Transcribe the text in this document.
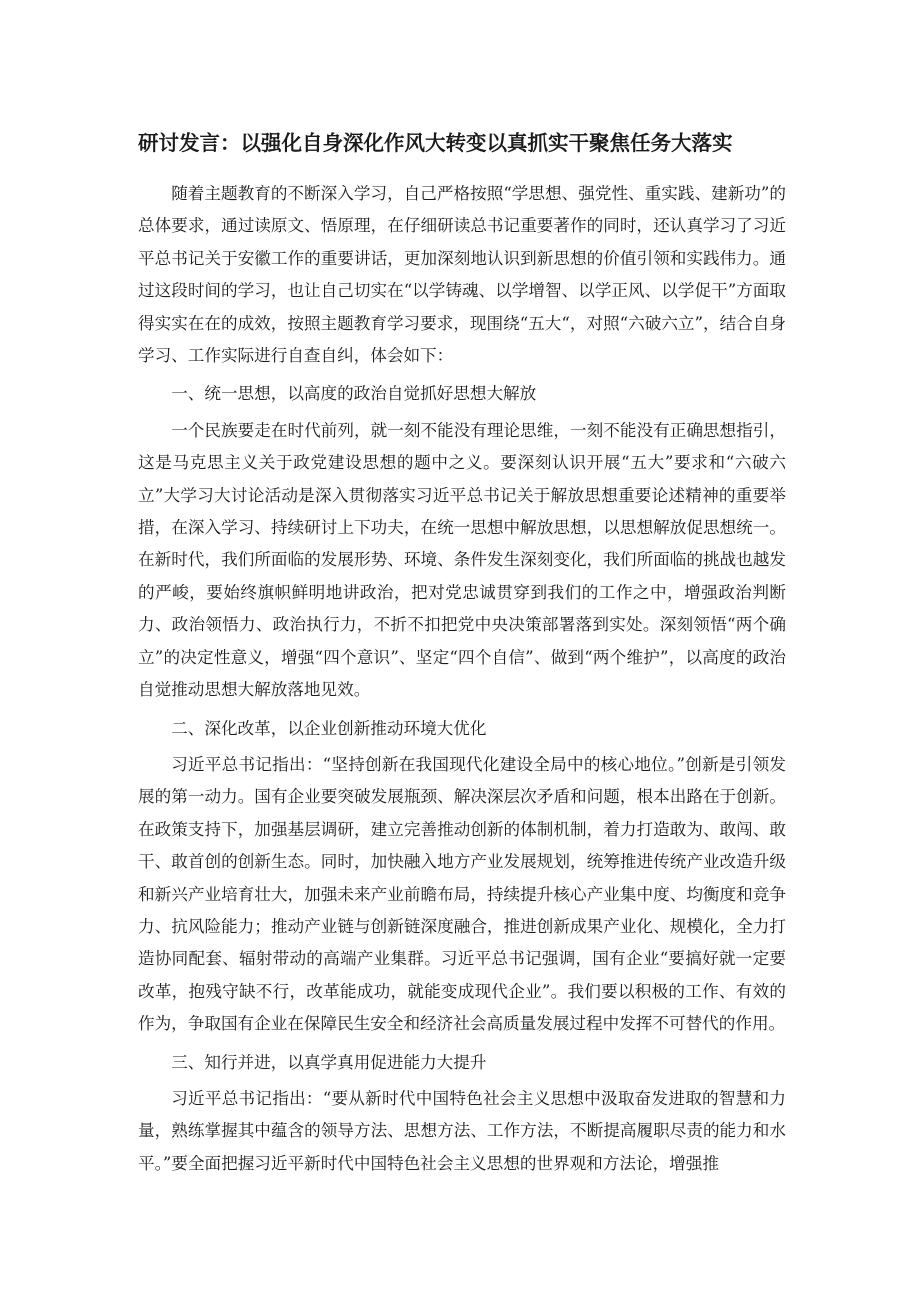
研讨发言：以强化自身深化作风大转变以真抓实干聚焦任务大落实

随着主题教育的不断深入学习，自己严格按照“学思想、强党性、重实践、建新功”的总体要求，通过读原文、悟原理，在仔细研读总书记重要著作的同时，还认真学习了习近平总书记关于安徽工作的重要讲话，更加深刻地认识到新思想的价值引领和实践伟力。通过这段时间的学习，也让自己切实在“以学铸魂、以学增智、以学正风、以学促干”方面取得实实在在的成效，按照主题教育学习要求，现围绕“五大“，对照“六破六立”，结合自身学习、工作实际进行自查自纠，体会如下：

一、统一思想，以高度的政治自觉抓好思想大解放

一个民族要走在时代前列，就一刻不能没有理论思维，一刻不能没有正确思想指引，这是马克思主义关于政党建设思想的题中之义。要深刻认识开展“五大”要求和“六破六立”大学习大讨论活动是深入贯彻落实习近平总书记关于解放思想重要论述精神的重要举措，在深入学习、持续研讨上下功夫，在统一思想中解放思想，以思想解放促思想统一。在新时代，我们所面临的发展形势、环境、条件发生深刻变化，我们所面临的挑战也越发的严峻，要始终旗帜鲜明地讲政治，把对党忠诚贯穿到我们的工作之中，增强政治判断力、政治领悟力、政治执行力，不折不扣把党中央决策部署落到实处。深刻领悟“两个确立”的决定性意义，增强“四个意识”、坚定“四个自信”、做到“两个维护”，以高度的政治自觉推动思想大解放落地见效。

二、深化改革，以企业创新推动环境大优化

习近平总书记指出：“坚持创新在我国现代化建设全局中的核心地位。”创新是引领发展的第一动力。国有企业要突破发展瓶颈、解决深层次矛盾和问题，根本出路在于创新。在政策支持下，加强基层调研，建立完善推动创新的体制机制，着力打造敢为、敢闯、敢干、敢首创的创新生态。同时，加快融入地方产业发展规划，统筹推进传统产业改造升级和新兴产业培育壮大，加强未来产业前瞻布局，持续提升核心产业集中度、均衡度和竞争力、抗风险能力；推动产业链与创新链深度融合，推进创新成果产业化、规模化，全力打造协同配套、辐射带动的高端产业集群。习近平总书记强调，国有企业“要搞好就一定要改革，抱残守缺不行，改革能成功，就能变成现代企业”。我们要以积极的工作、有效的作为，争取国有企业在保障民生安全和经济社会高质量发展过程中发挥不可替代的作用。

三、知行并进，以真学真用促进能力大提升

习近平总书记指出：“要从新时代中国特色社会主义思想中汲取奋发进取的智慧和力量，熟练掌握其中蕴含的领导方法、思想方法、工作方法，不断提高履职尽责的能力和水平。”要全面把握习近平新时代中国特色社会主义思想的世界观和方法论，增强推
